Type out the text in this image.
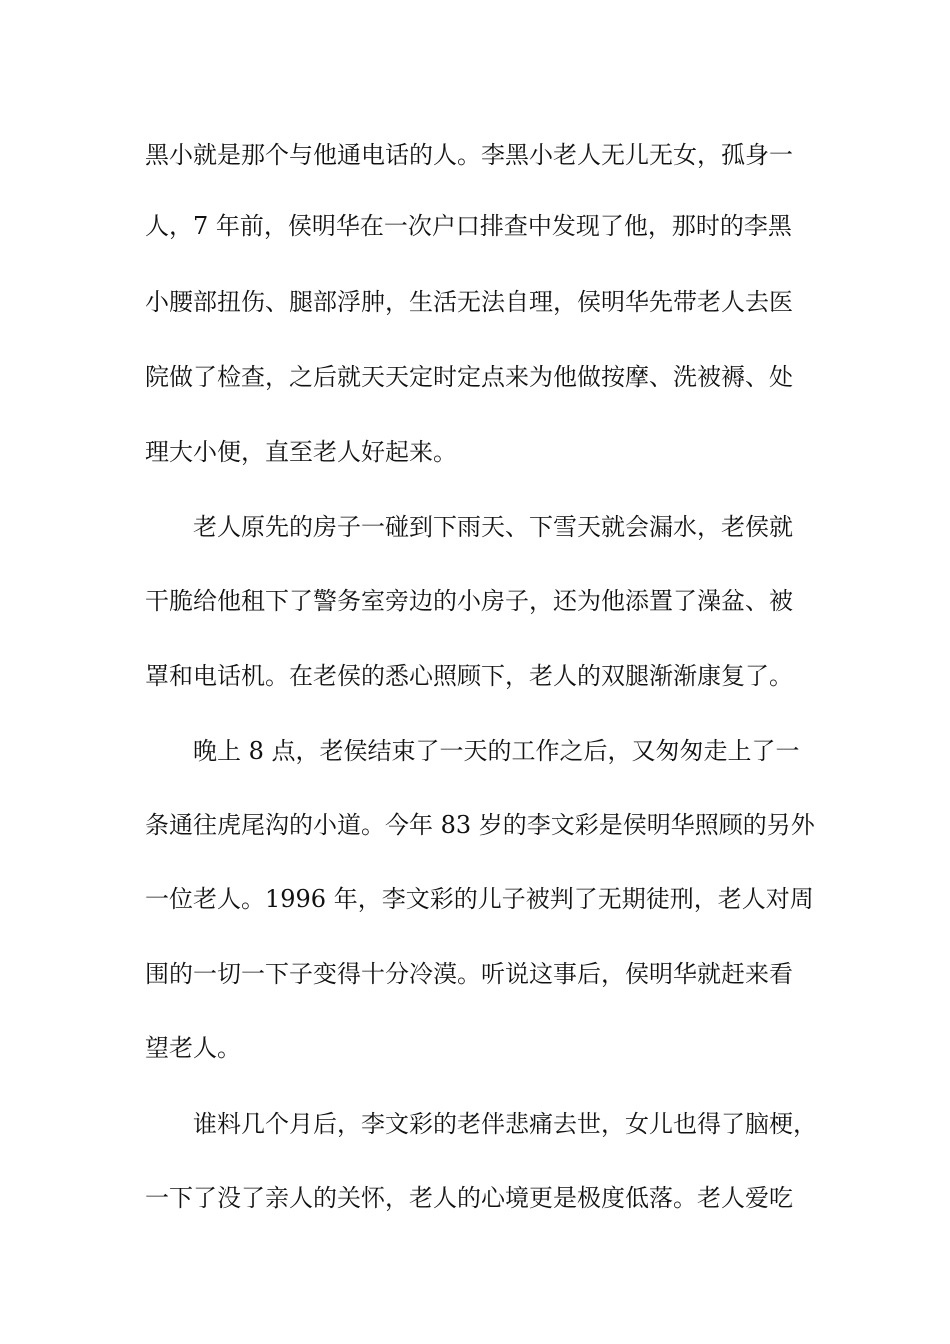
黑小就是那个与他通电话的人。李黑小老人无儿无女，孤身一
人，7 年前，侯明华在一次户口排查中发现了他，那时的李黑
小腰部扭伤、腿部浮肿，生活无法自理，侯明华先带老人去医
院做了检查，之后就天天定时定点来为他做按摩、洗被褥、处
理大小便，直至老人好起来。
老人原先的房子一碰到下雨天、下雪天就会漏水，老侯就
干脆给他租下了警务室旁边的小房子，还为他添置了澡盆、被
罩和电话机。在老侯的悉心照顾下，老人的双腿渐渐康复了。
晚上 8 点，老侯结束了一天的工作之后，又匆匆走上了一
条通往虎尾沟的小道。今年 83 岁的李文彩是侯明华照顾的另外
一位老人。1996 年，李文彩的儿子被判了无期徒刑，老人对周
围的一切一下子变得十分冷漠。听说这事后，侯明华就赶来看
望老人。
谁料几个月后，李文彩的老伴悲痛去世，女儿也得了脑梗，
一下了没了亲人的关怀，老人的心境更是极度低落。老人爱吃
